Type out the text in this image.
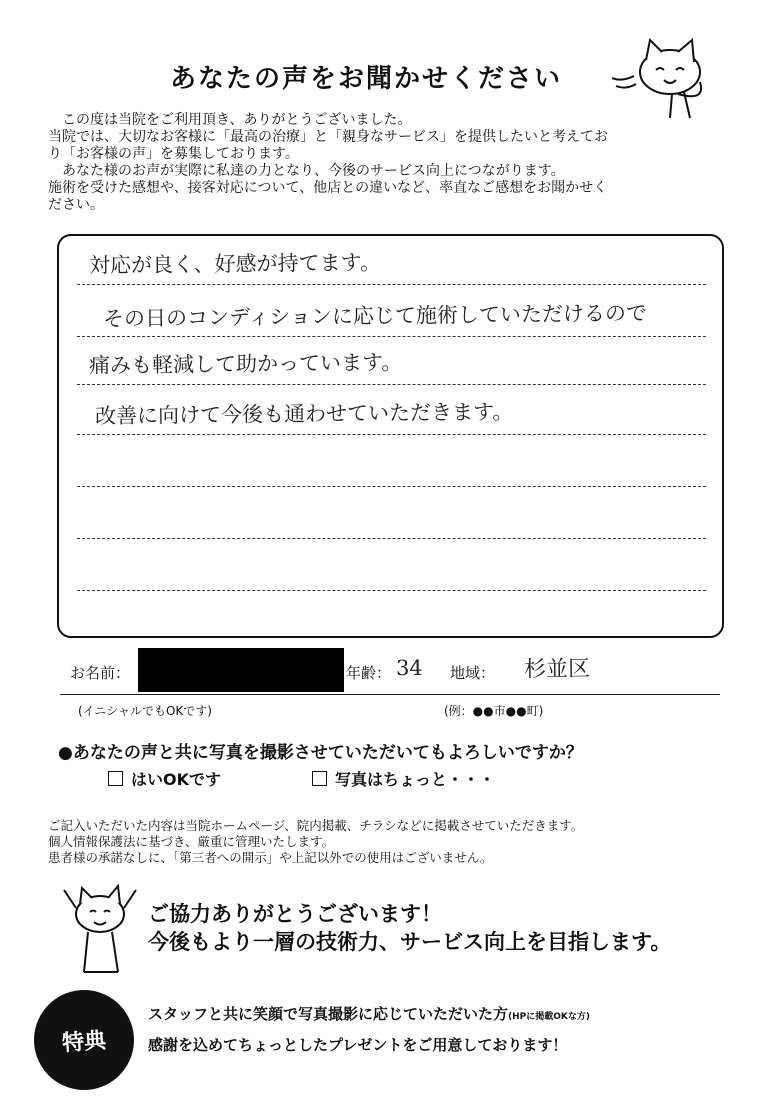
あなたの声をお聞かせください

この度は当院をご利用頂き、ありがとうございました。

当院では、大切なお客様に「最高の治療」と「親身なサービス」を提供したいと考えてお

り「お客様の声」を募集しております。

あなた様のお声が実際に私達の力となり、今後のサービス向上につながります。

施術を受けた感想や、接客対応について、他店との違いなど、率直なご感想をお聞かせく

ださい。

対応が良く、好感が持てます。
その日のコンディションに応じて施術していただけるので
痛みも軽減して助かっています。
改善に向けて今後も通わせていただきます。
お名前：	年齢： 34 地域： 杉並区
(イニシャルでもOKです)	(例：●●市●●町)
●あなたの声と共に写真を撮影させていただいてもよろしいですか？
はいOKです	写真はちょっと・・・

ご記入いただいた内容は当院ホームページ、院内掲載、チラシなどに掲載させていただきます。

個人情報保護法に基づき、厳重に管理いたします。

患者様の承諾なしに、「第三者への開示」や上記以外での使用はございません。

ご協力ありがとうございます！

今後もより一層の技術力、サービス向上を目指します。

特典

スタッフと共に笑顔で写真撮影に応じていただいた方(HPに掲載OKな方)

感謝を込めてちょっとしたプレゼントをご用意しております！
